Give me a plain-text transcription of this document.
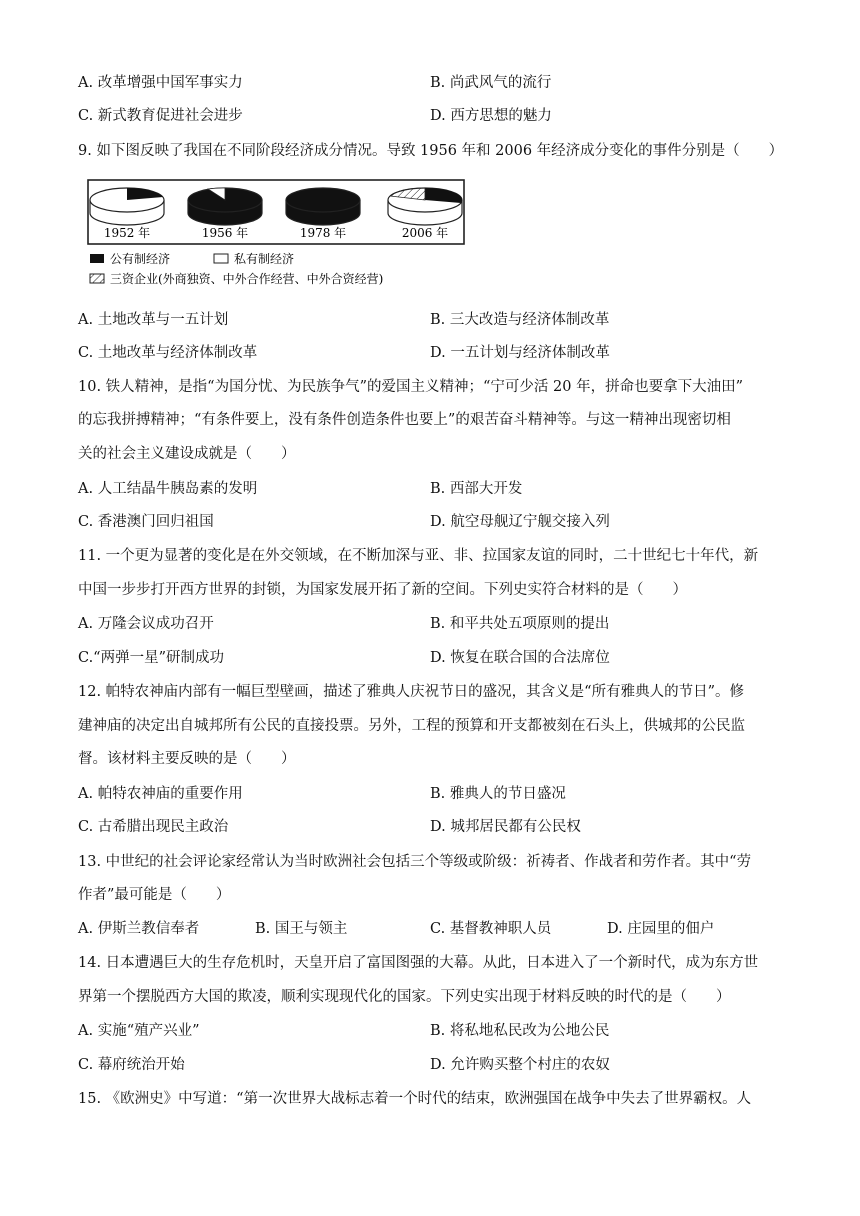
A. 改革增强中国军事实力	B. 尚武风气的流行
C. 新式教育促进社会进步	D. 西方思想的魅力
9. 如下图反映了我国在不同阶段经济成分情况。导致 1956 年和 2006 年经济成分变化的事件分别是（　　）
1952 年	1956 年	1978 年	2006 年
公有制经济	私有制经济
三资企业(外商独资、中外合作经营、中外合资经营)
A. 土地改革与一五计划	B. 三大改造与经济体制改革
C. 土地改革与经济体制改革	D. 一五计划与经济体制改革
10. 铁人精神，是指“为国分忧、为民族争气”的爱国主义精神；“宁可少活 20 年，拼命也要拿下大油田”
的忘我拼搏精神；“有条件要上，没有条件创造条件也要上”的艰苦奋斗精神等。与这一精神出现密切相
关的社会主义建设成就是（　　）
A. 人工结晶牛胰岛素的发明	B. 西部大开发
C. 香港澳门回归祖国	D. 航空母舰辽宁舰交接入列
11. 一个更为显著的变化是在外交领域，在不断加深与亚、非、拉国家友谊的同时，二十世纪七十年代，新
中国一步步打开西方世界的封锁，为国家发展开拓了新的空间。下列史实符合材料的是（　　）
A. 万隆会议成功召开	B. 和平共处五项原则的提出
C.“两弹一星”研制成功	D. 恢复在联合国的合法席位
12. 帕特农神庙内部有一幅巨型壁画，描述了雅典人庆祝节日的盛况，其含义是“所有雅典人的节日”。修
建神庙的决定出自城邦所有公民的直接投票。另外，工程的预算和开支都被刻在石头上，供城邦的公民监
督。该材料主要反映的是（　　）
A. 帕特农神庙的重要作用	B. 雅典人的节日盛况
C. 古希腊出现民主政治	D. 城邦居民都有公民权
13. 中世纪的社会评论家经常认为当时欧洲社会包括三个等级或阶级：祈祷者、作战者和劳作者。其中“劳
作者”最可能是（　　）
A. 伊斯兰教信奉者	B. 国王与领主	C. 基督教神职人员	D. 庄园里的佃户
14. 日本遭遇巨大的生存危机时，天皇开启了富国图强的大幕。从此，日本进入了一个新时代，成为东方世
界第一个摆脱西方大国的欺凌，顺利实现现代化的国家。下列史实出现于材料反映的时代的是（　　）
A. 实施“殖产兴业”	B. 将私地私民改为公地公民
C. 幕府统治开始	D. 允许购买整个村庄的农奴
15. 《欧洲史》中写道：“第一次世界大战标志着一个时代的结束，欧洲强国在战争中失去了世界霸权。人
